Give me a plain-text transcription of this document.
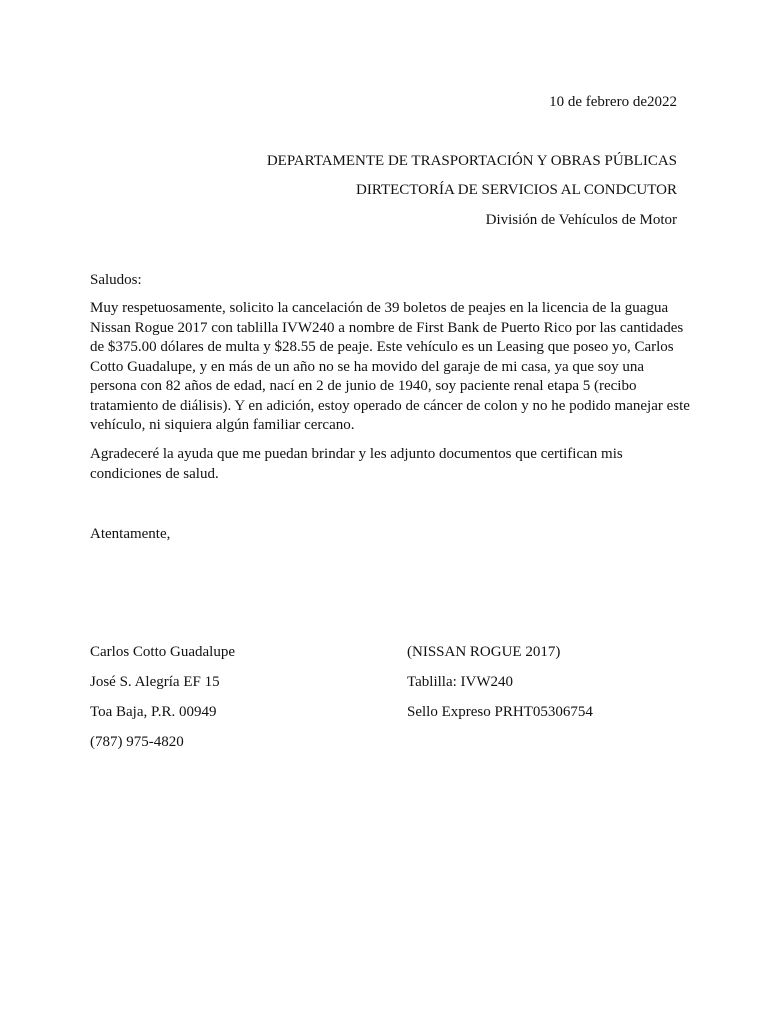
10 de febrero de2022
DEPARTAMENTE DE TRASPORTACIÓN Y OBRAS PÚBLICAS
DIRTECTORÍA DE SERVICIOS AL CONDCUTOR
División de Vehículos de Motor
Saludos:
Muy respetuosamente, solicito la cancelación de 39 boletos de peajes en la licencia de la guagua Nissan Rogue 2017 con tablilla IVW240 a nombre de First Bank de Puerto Rico por las cantidades de $375.00 dólares de multa y $28.55 de peaje. Este vehículo es un Leasing que poseo yo, Carlos Cotto Guadalupe, y en más de un año no se ha movido del garaje de mi casa, ya que soy una persona con 82 años de edad, nací en 2 de junio de 1940, soy paciente renal etapa 5 (recibo tratamiento de diálisis). Y en adición, estoy operado de cáncer de colon y no he podido manejar este vehículo, ni siquiera algún familiar cercano.
Agradeceré la ayuda que me puedan brindar y les adjunto documentos que certifican mis condiciones de salud.
Atentamente,
Carlos Cotto Guadalupe
José S. Alegría EF 15
Toa Baja, P.R. 00949
(787) 975-4820
(NISSAN ROGUE 2017)
Tablilla: IVW240
Sello Expreso PRHT05306754
